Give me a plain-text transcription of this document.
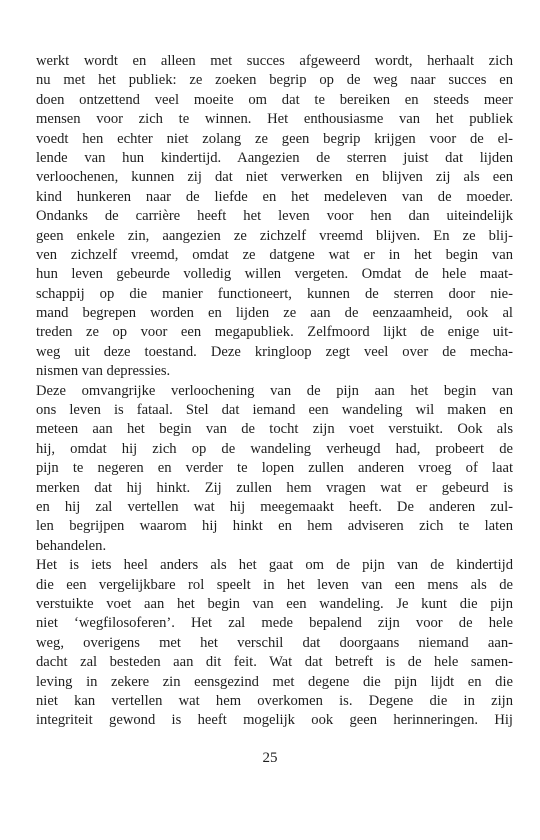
werkt wordt en alleen met succes afgeweerd wordt, herhaalt zich
nu met het publiek: ze zoeken begrip op de weg naar succes en
doen ontzettend veel moeite om dat te bereiken en steeds meer
mensen voor zich te winnen. Het enthousiasme van het publiek
voedt hen echter niet zolang ze geen begrip krijgen voor de el-
lende van hun kindertijd. Aangezien de sterren juist dat lijden
verloochenen, kunnen zij dat niet verwerken en blijven zij als een
kind hunkeren naar de liefde en het medeleven van de moeder.
Ondanks de carrière heeft het leven voor hen dan uiteindelijk
geen enkele zin, aangezien ze zichzelf vreemd blijven. En ze blij-
ven zichzelf vreemd, omdat ze datgene wat er in het begin van
hun leven gebeurde volledig willen vergeten. Omdat de hele maat-
schappij op die manier functioneert, kunnen de sterren door nie-
mand begrepen worden en lijden ze aan de eenzaamheid, ook al
treden ze op voor een megapubliek. Zelfmoord lijkt de enige uit-
weg uit deze toestand. Deze kringloop zegt veel over de mecha-
nismen van depressies.
Deze omvangrijke verloochening van de pijn aan het begin van
ons leven is fataal. Stel dat iemand een wandeling wil maken en
meteen aan het begin van de tocht zijn voet verstuikt. Ook als
hij, omdat hij zich op de wandeling verheugd had, probeert de
pijn te negeren en verder te lopen zullen anderen vroeg of laat
merken dat hij hinkt. Zij zullen hem vragen wat er gebeurd is
en hij zal vertellen wat hij meegemaakt heeft. De anderen zul-
len begrijpen waarom hij hinkt en hem adviseren zich te laten
behandelen.
Het is iets heel anders als het gaat om de pijn van de kindertijd
die een vergelijkbare rol speelt in het leven van een mens als de
verstuikte voet aan het begin van een wandeling. Je kunt die pijn
niet ‘wegfilosoferen’. Het zal mede bepalend zijn voor de hele
weg, overigens met het verschil dat doorgaans niemand aan-
dacht zal besteden aan dit feit. Wat dat betreft is de hele samen-
leving in zekere zin eensgezind met degene die pijn lijdt en die
niet kan vertellen wat hem overkomen is. Degene die in zijn
integriteit gewond is heeft mogelijk ook geen herinneringen. Hij
25
